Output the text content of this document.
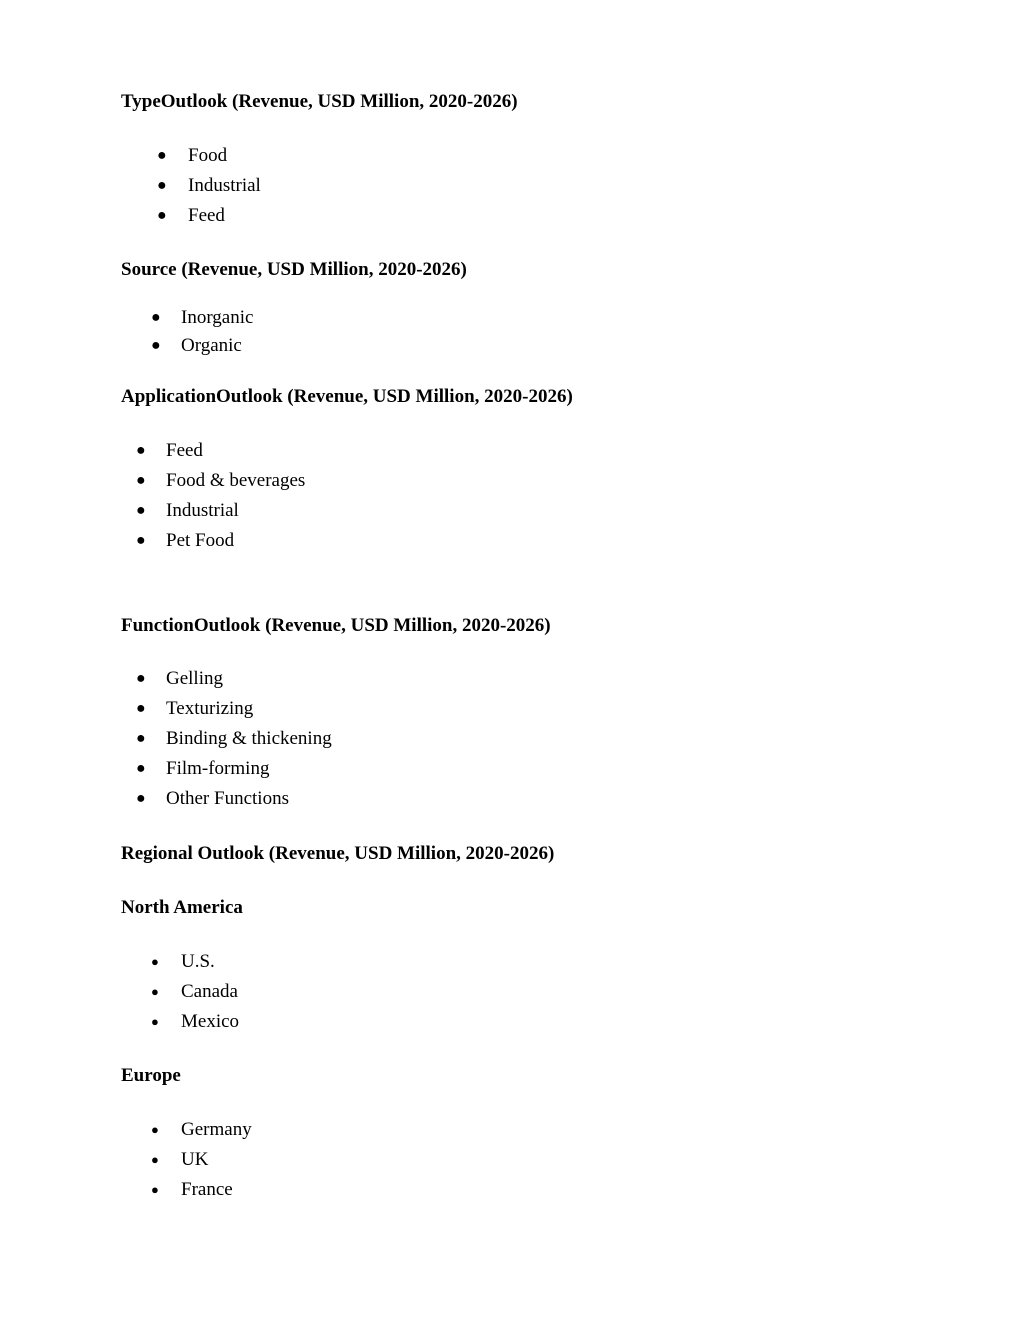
TypeOutlook (Revenue, USD Million, 2020-2026)
● Food
● Industrial
● Feed
Source (Revenue, USD Million, 2020-2026)
● Inorganic
● Organic
ApplicationOutlook (Revenue, USD Million, 2020-2026)
● Feed
● Food & beverages
● Industrial
● Pet Food
FunctionOutlook (Revenue, USD Million, 2020-2026)
● Gelling
● Texturizing
● Binding & thickening
● Film-forming
● Other Functions
Regional Outlook (Revenue, USD Million, 2020-2026)
North America
● U.S.
● Canada
● Mexico
Europe
● Germany
● UK
● France
